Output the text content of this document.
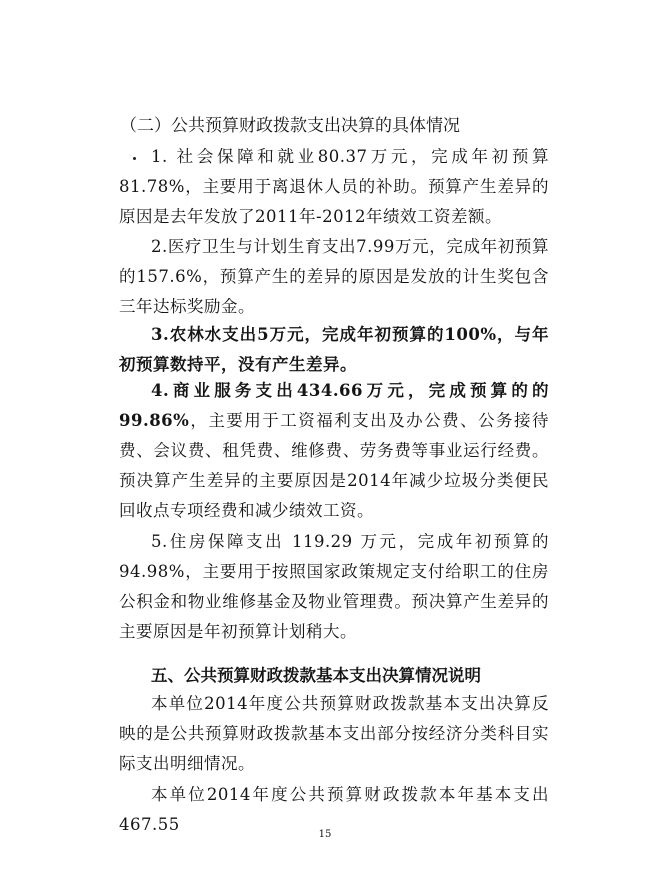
（二）公共预算财政拨款支出决算的具体情况
1. 社会保障和就业80.37万元，完成年初预算81.78%，主要用于离退休人员的补助。预算产生差异的原因是去年发放了2011年-2012年绩效工资差额。
2.医疗卫生与计划生育支出7.99万元，完成年初预算的157.6%，预算产生的差异的原因是发放的计生奖包含三年达标奖励金。
3.农林水支出5万元，完成年初预算的100%，与年初预算数持平，没有产生差异。
4.商业服务支出434.66万元，完成预算的的99.86%，主要用于工资福利支出及办公费、公务接待费、会议费、租凭费、维修费、劳务费等事业运行经费。预决算产生差异的主要原因是2014年减少垃圾分类便民回收点专项经费和减少绩效工资。
5.住房保障支出 119.29 万元，完成年初预算的 94.98%，主要用于按照国家政策规定支付给职工的住房公积金和物业维修基金及物业管理费。预决算产生差异的主要原因是年初预算计划稍大。
五、公共预算财政拨款基本支出决算情况说明
本单位2014年度公共预算财政拨款基本支出决算反映的是公共预算财政拨款基本支出部分按经济分类科目实际支出明细情况。
本单位2014年度公共预算财政拨款本年基本支出467.55
15
